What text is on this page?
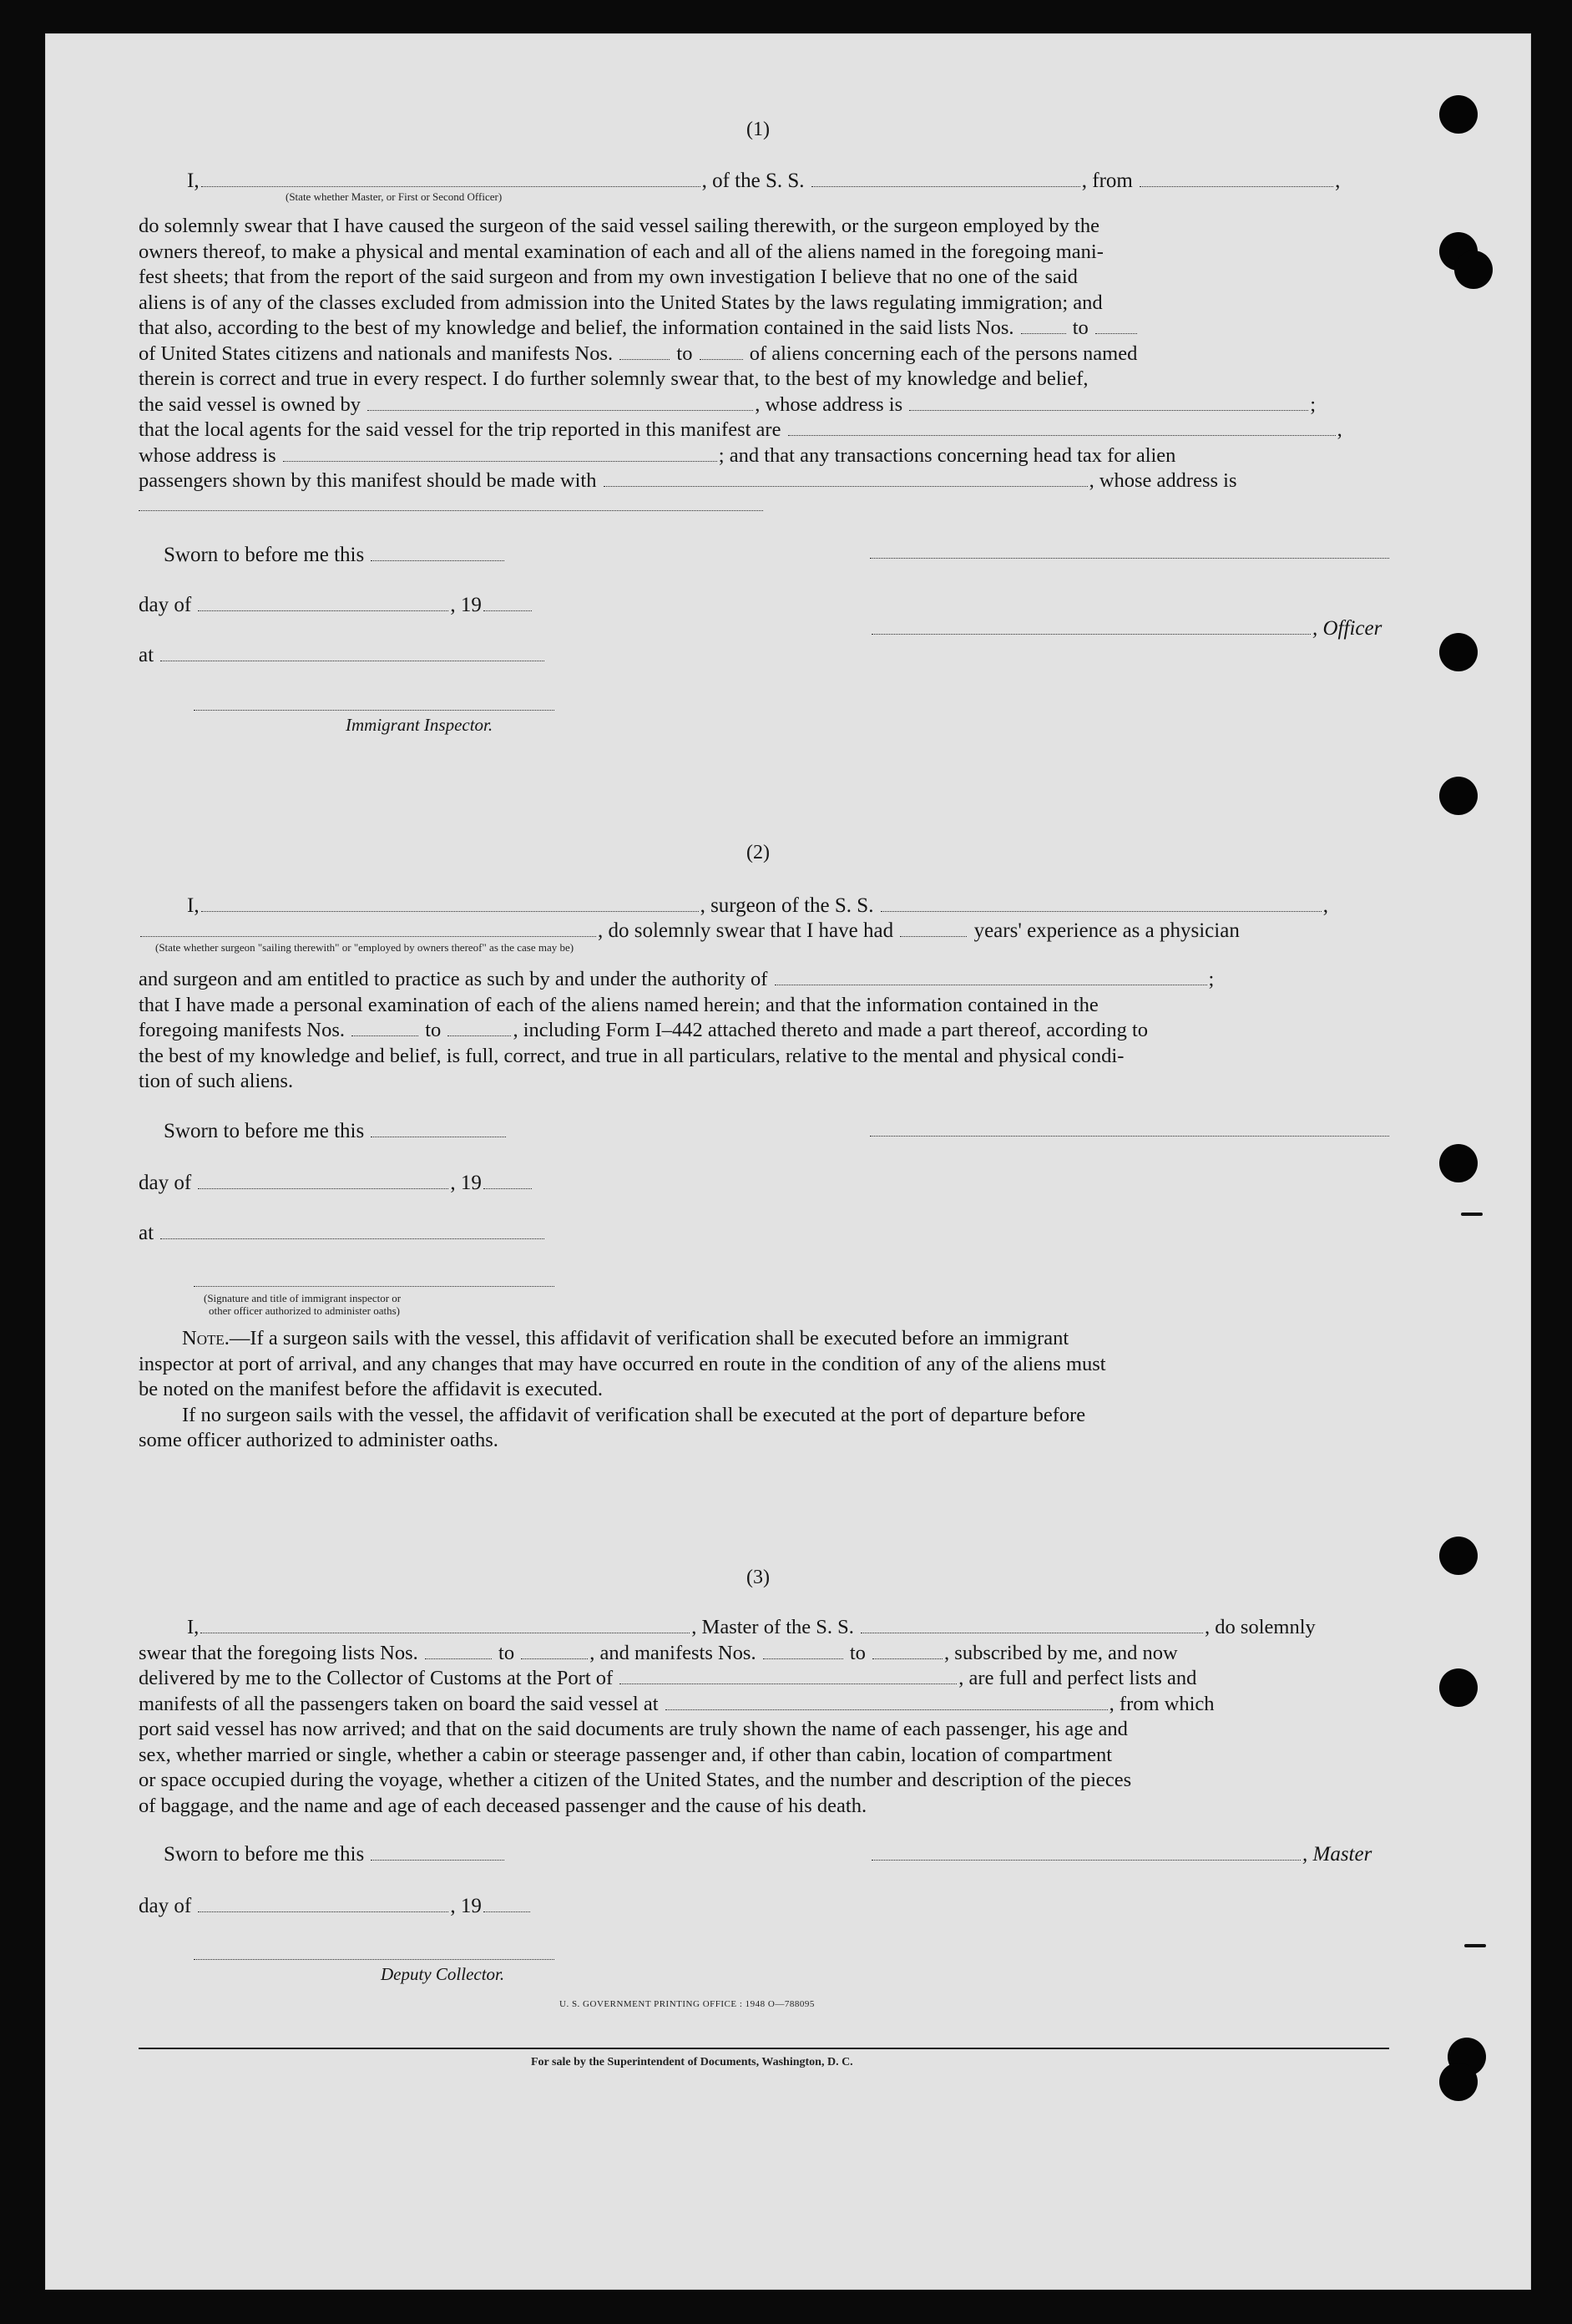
(1)
I,	, of the S. S.	, from	,
(State whether Master, or First or Second Officer)
do solemnly swear that I have caused the surgeon of the said vessel sailing therewith, or the surgeon employed by the
owners thereof, to make a physical and mental examination of each and all of the aliens named in the foregoing mani-
fest sheets; that from the report of the said surgeon and from my own investigation I believe that no one of the said
aliens is of any of the classes excluded from admission into the United States by the laws regulating immigration; and
that also, according to the best of my knowledge and belief, the information contained in the said lists Nos.	to
of United States citizens and nationals and manifests Nos.	to	of aliens concerning each of the persons named
therein is correct and true in every respect. I do further solemnly swear that, to the best of my knowledge and belief,
the said vessel is owned by	, whose address is	;
that the local agents for the said vessel for the trip reported in this manifest are	,
whose address is	; and that any transactions concerning head tax for alien
passengers shown by this manifest should be made with	, whose address is
Sworn to before me this
day of	, 19
at
, Officer
Immigrant Inspector.
(2)
I,	, surgeon of the S. S.	,
, do solemnly swear that I have had	years' experience as a physician
(State whether surgeon "sailing therewith" or "employed by owners thereof" as the case may be)
and surgeon and am entitled to practice as such by and under the authority of	;
that I have made a personal examination of each of the aliens named herein; and that the information contained in the
foregoing manifests Nos.	to	, including Form I–442 attached thereto and made a part thereof, according to
the best of my knowledge and belief, is full, correct, and true in all particulars, relative to the mental and physical condi-
tion of such aliens.
Sworn to before me this
day of	, 19
at
(Signature and title of immigrant inspector or
other officer authorized to administer oaths)
Note.—If a surgeon sails with the vessel, this affidavit of verification shall be executed before an immigrant
inspector at port of arrival, and any changes that may have occurred en route in the condition of any of the aliens must
be noted on the manifest before the affidavit is executed.
If no surgeon sails with the vessel, the affidavit of verification shall be executed at the port of departure before
some officer authorized to administer oaths.
(3)
I,	, Master of the S. S.	, do solemnly
swear that the foregoing lists Nos.	to	, and manifests Nos.	to	, subscribed by me, and now
delivered by me to the Collector of Customs at the Port of	, are full and perfect lists and
manifests of all the passengers taken on board the said vessel at	, from which
port said vessel has now arrived; and that on the said documents are truly shown the name of each passenger, his age and
sex, whether married or single, whether a cabin or steerage passenger and, if other than cabin, location of compartment
or space occupied during the voyage, whether a citizen of the United States, and the number and description of the pieces
of baggage, and the name and age of each deceased passenger and the cause of his death.
Sworn to before me this	, Master
day of	, 19
Deputy Collector.
U. S. GOVERNMENT PRINTING OFFICE : 1948 O—788095
For sale by the Superintendent of Documents, Washington, D. C.
